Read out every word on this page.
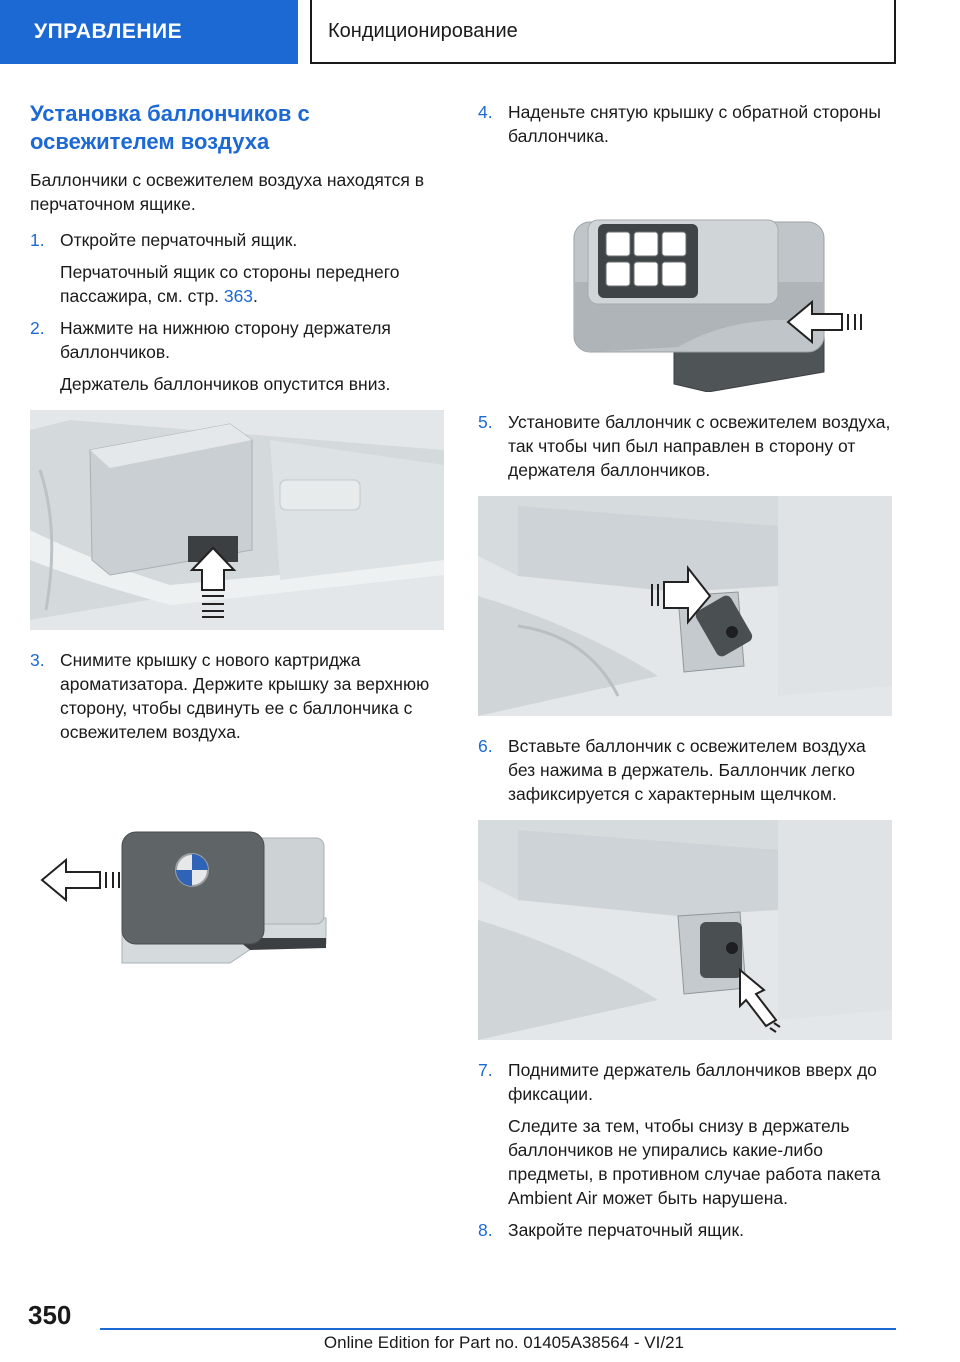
УПРАВЛЕНИЕ	Кондиционирование
Установка баллончиков с освежителем воздуха

Баллончики с освежителем воздуха находятся в перчаточном ящике.

1. Откройте перчаточный ящик.

Перчаточный ящик со стороны переднего пассажира, см. стр. 363.

2. Нажмите на нижнюю сторону держателя баллончиков.

Держатель баллончиков опустится вниз.

3. Снимите крышку с нового картриджа аромaтизатора. Держите крышку за верхнюю сторону, чтобы сдвинуть ее с баллончика с освежителем воздуха.

4. Наденьте снятую крышку с обратной стороны баллончика.

5. Установите баллончик с освежителем воздуха, так чтобы чип был направлен в сторону от держателя баллончиков.

6. Вставьте баллончик с освежителем воздуха без нажима в держатель. Баллончик легко зафиксируется с характерным щелчком.

7. Поднимите держатель баллончиков вверх до фиксации.

Следите за тем, чтобы снизу в держатель баллончиков не упирались какие-либо предметы, в противном случае работа пакета Ambient Air может быть нарушена.

8. Закройте перчаточный ящик.

350
Online Edition for Part no. 01405A38564 - VI/21
